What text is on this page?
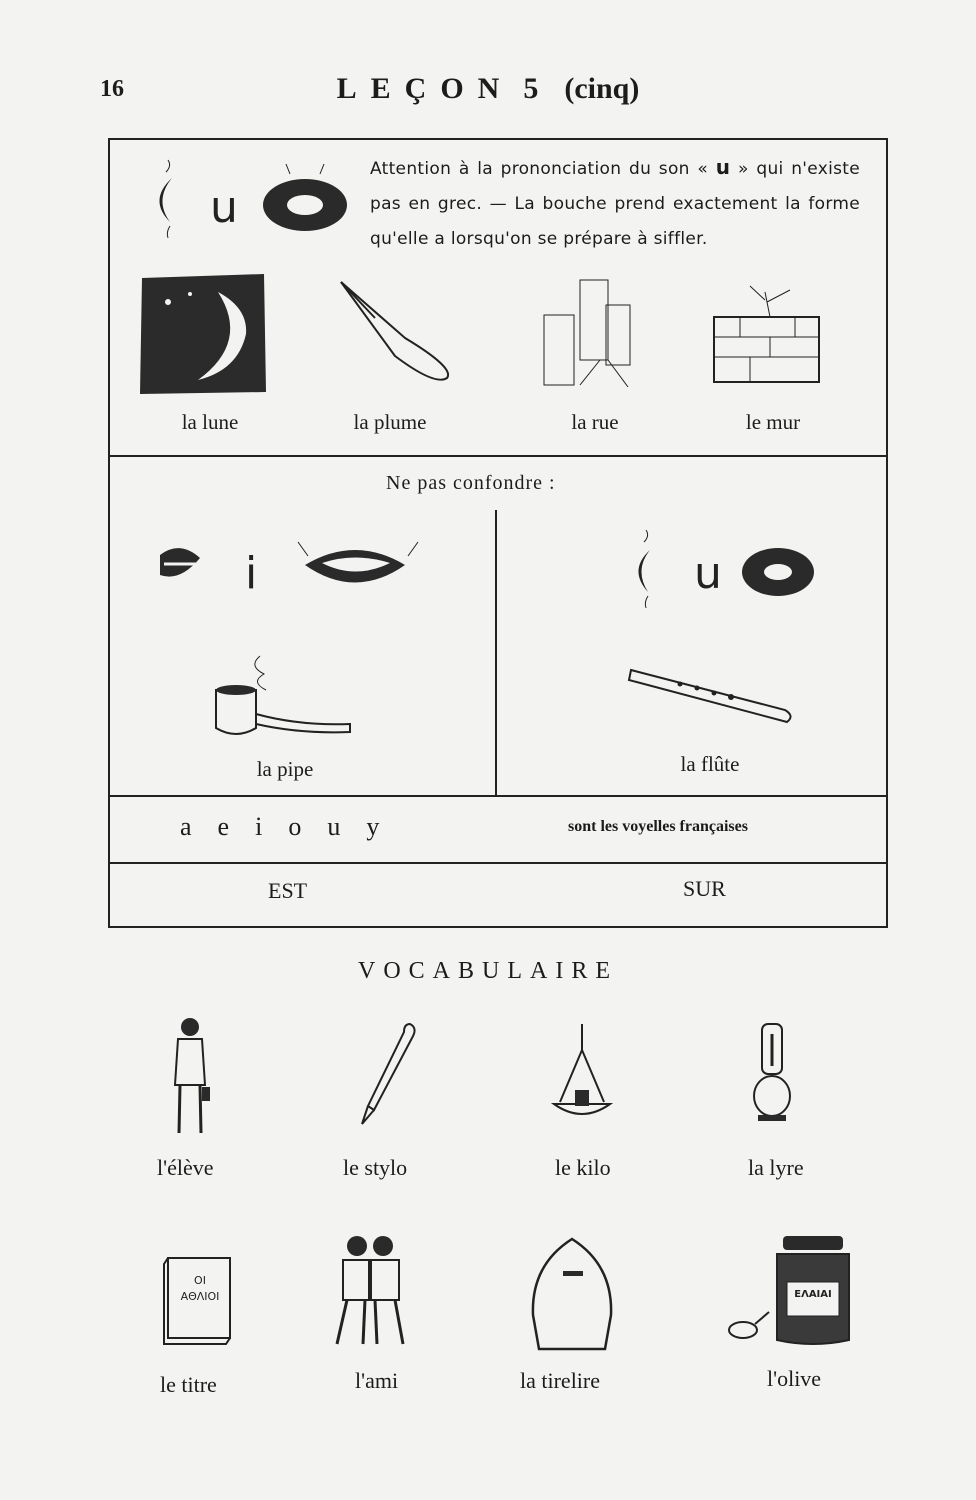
16	LEÇON 5 (cinq)
u
Attention à la prononciation du son « u » qui n'existe pas en grec. — La bouche prend exactement la forme qu'elle a lorsqu'on se prépare à siffler.
la lune	la plume	la rue	le mur
Ne pas confondre :
i	u
la pipe	la flûte
a e i o u y	sont les voyelles françaises
EST	SUR
VOCABULAIRE
l'élève	le stylo	le kilo	la lyre
ΟΙ
ΑΘΛΙΟΙ	ΕΛΑΙΑΙ
le titre	l'ami	la tirelire	l'olive
